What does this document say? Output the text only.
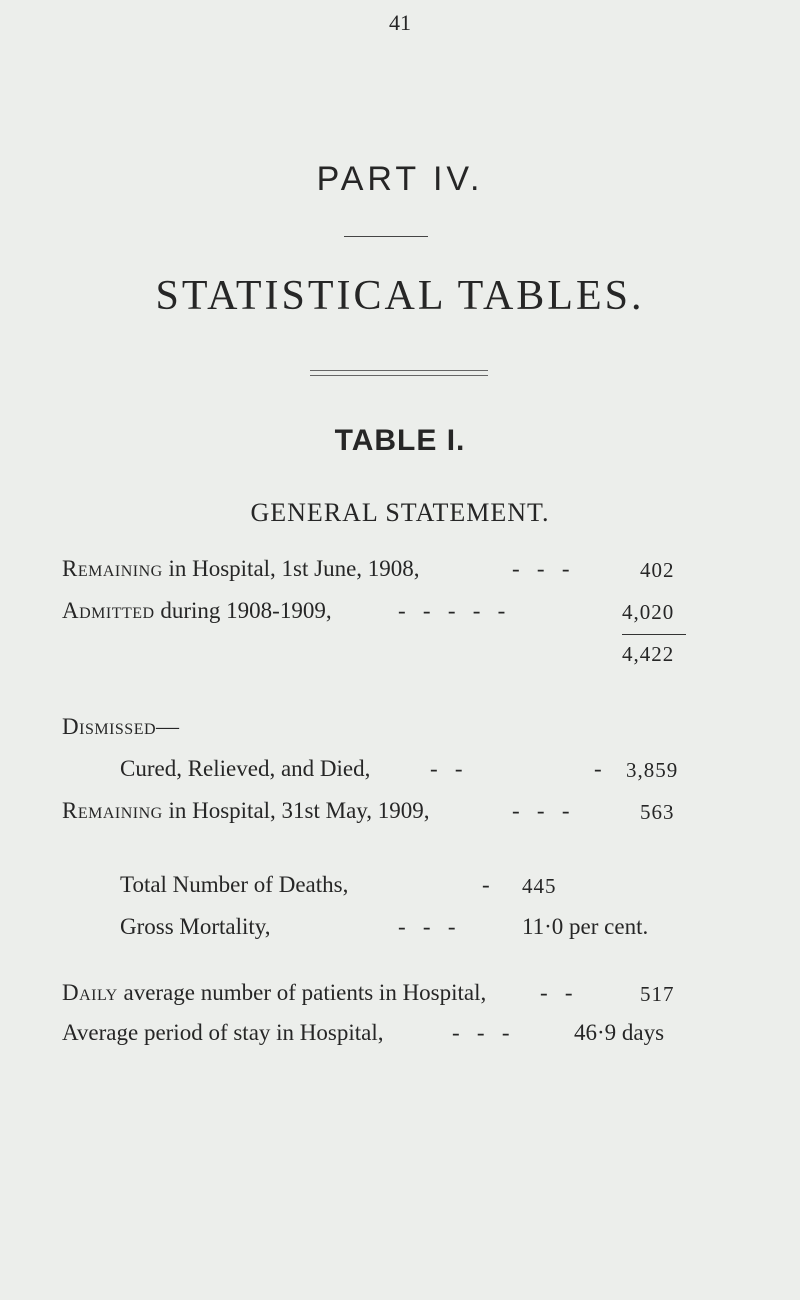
41
PART IV.
STATISTICAL TABLES.
TABLE I.
GENERAL STATEMENT.
Remaining in Hospital, 1st June, 1908,	-   -   -	402
Admitted during 1908-1909,	-   -   -   -   -	4,020
4,422
Dismissed—
Cured, Relieved, and Died,	-   -	- 3,859
Remaining in Hospital, 31st May, 1909,	-   -   -	563
Total Number of Deaths,	- 445
Gross Mortality,	-   -   -	11·0 per cent.
Daily average number of patients in Hospital, -   -	517
Average period of stay in Hospital,	-   -   -	46·9 days
